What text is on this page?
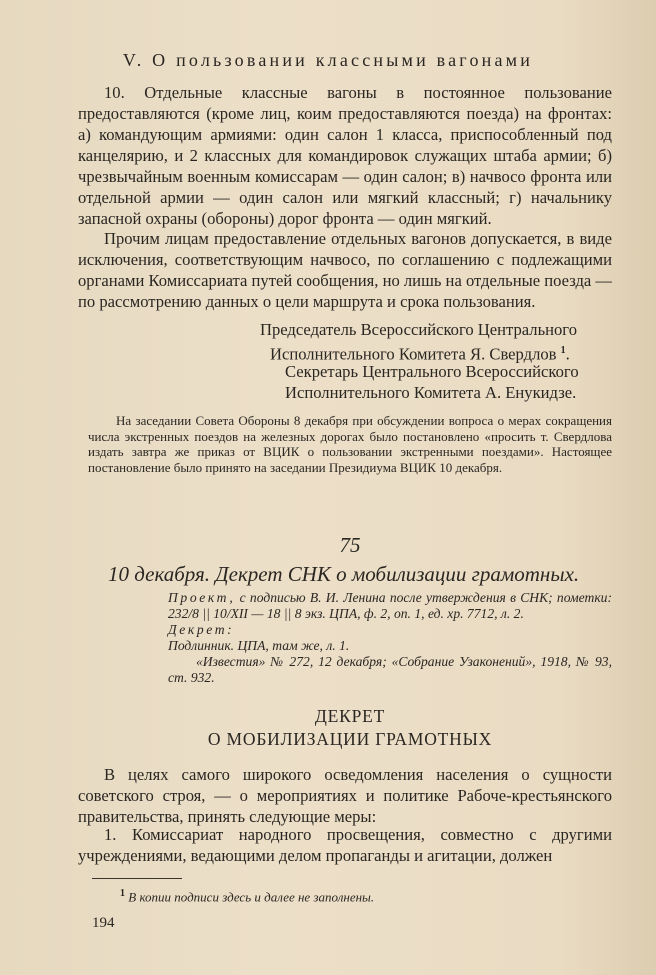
V. О пользовании классными вагонами

10. Отдельные классные вагоны в постоянное пользование предоставляются (кроме лиц, коим предоставляются поезда) на фронтах: а) командующим армиями: один салон 1 класса, приспособленный под канцелярию, и 2 классных для командировок служащих штаба армии; б) чрезвычайным военным комиссарам — один салон; в) начвосо фронта или отдельной армии — один салон или мягкий классный; г) начальнику запасной охраны (обороны) дорог фронта — один мягкий.

Прочим лицам предоставление отдельных вагонов допускается, в виде исключения, соответствующим начвосо, по соглашению с подлежащими органами Комиссариата путей сообщения, но лишь на отдельные поезда — по рассмотрению данных о цели маршрута и срока пользования.

Председатель Всероссийского Центрального
Исполнительного Комитета Я. Свердлов $^1$.
Секретарь Центрального Всероссийского
Исполнительного Комитета А. Енукидзе.

На заседании Совета Обороны 8 декабря при обсуждении вопроса о мерах сокращения числа экстренных поездов на железных дорогах было постановлено «просить т. Свердлова издать завтра же приказ от ВЦИК о пользовании экстренными поездами». Настоящее постановление было принято на заседании Президиума ВЦИК 10 декабря.

75
10 декабря. Декрет СНК о мобилизации грамотных.

Проект, с подписью В. И. Ленина после утверждения в СНК; пометки: 232/8 || 10/XII — 18 || 8 экз. ЦПА, ф. 2, оп. 1, ед. хр. 7712, л. 2.
Декрет:
Подлинник. ЦПА, там же, л. 1.
«Известия» № 272, 12 декабря; «Собрание Узаконений», 1918, № 93, ст. 932.

ДЕКРЕТ
О МОБИЛИЗАЦИИ ГРАМОТНЫХ

В целях самого широкого осведомления населения о сущности советского строя, — о мероприятиях и политике Рабоче-крестьянского правительства, принять следующие меры:

1. Комиссариат народного просвещения, совместно с другими учреждениями, ведающими делом пропаганды и агитации, должен

$^1$ В копии подписи здесь и далее не заполнены.
194
